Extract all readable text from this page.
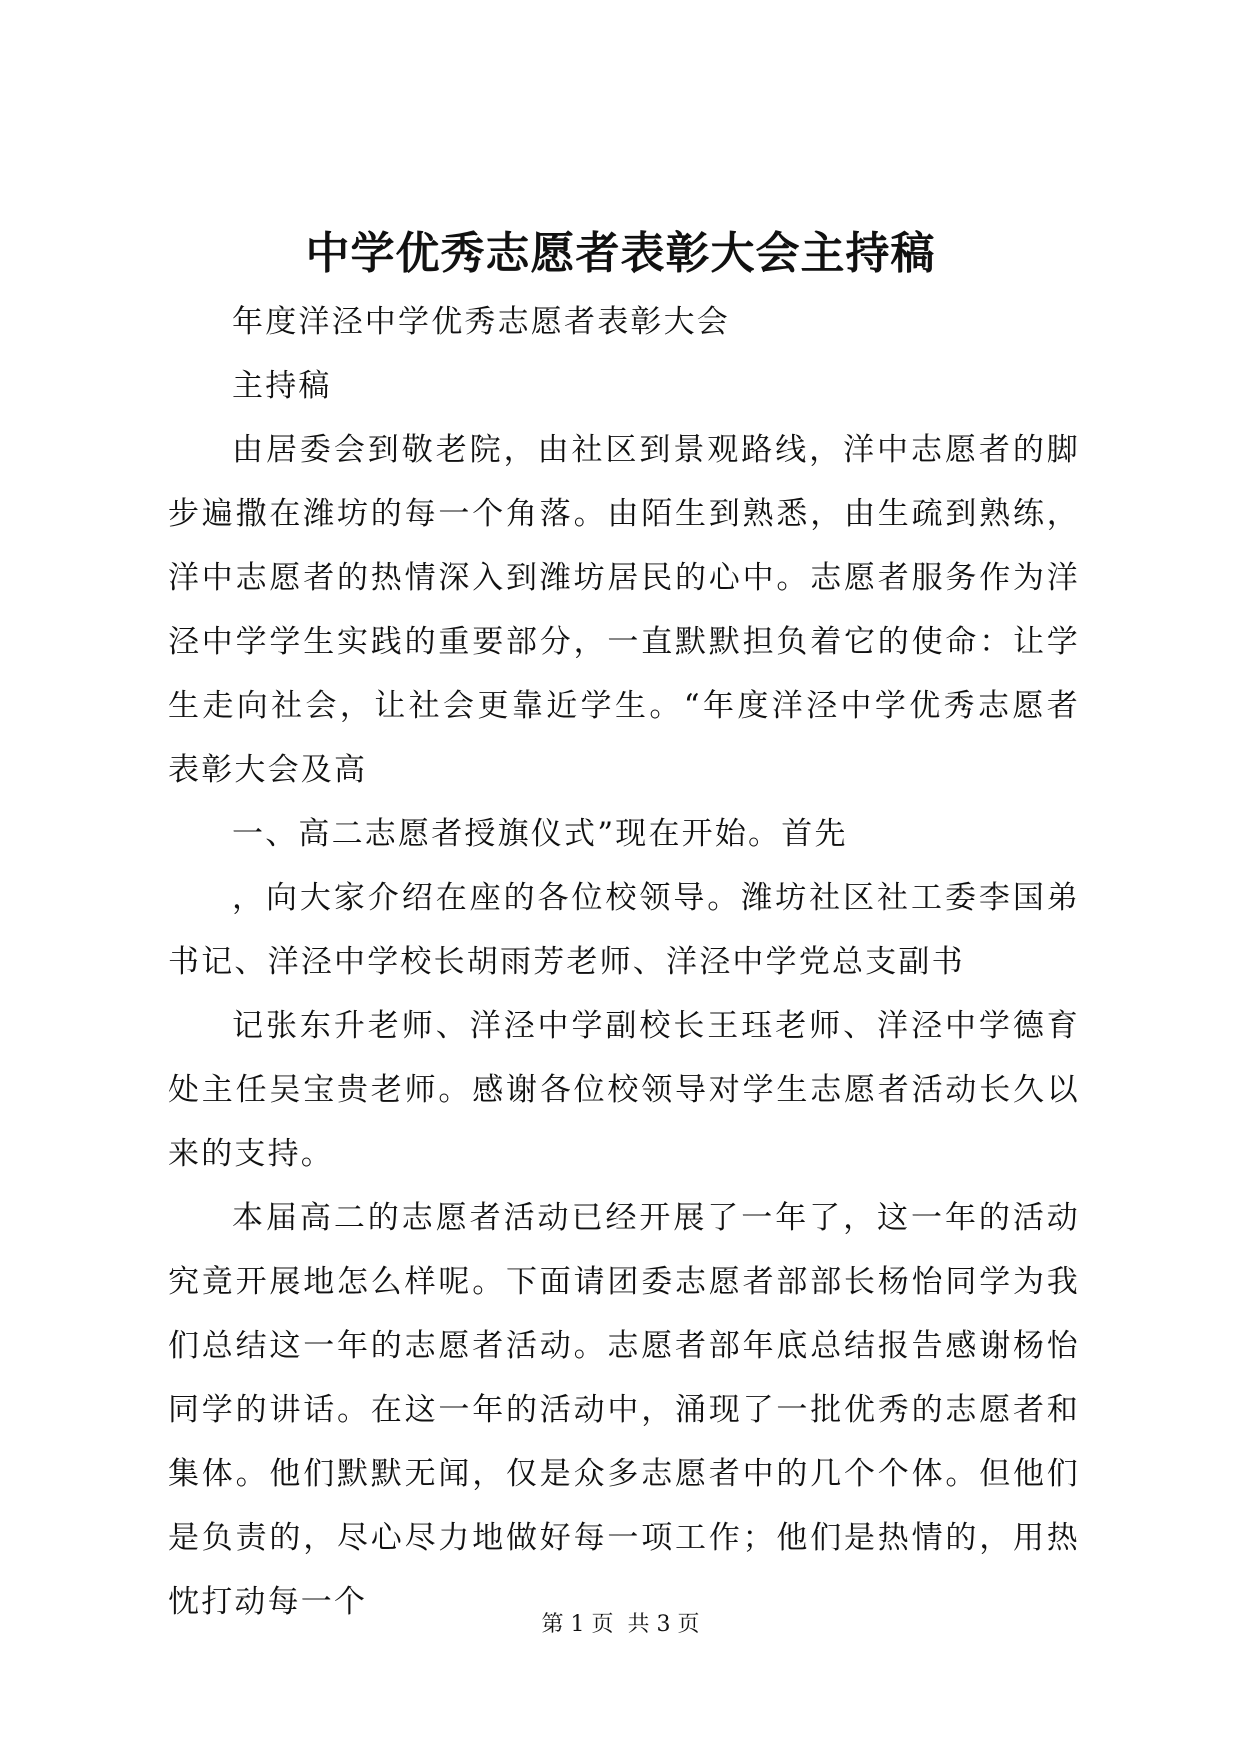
中学优秀志愿者表彰大会主持稿

年度洋泾中学优秀志愿者表彰大会

主持稿

由居委会到敬老院，由社区到景观路线，洋中志愿者的脚步遍撒在潍坊的每一个角落。由陌生到熟悉，由生疏到熟练，洋中志愿者的热情深入到潍坊居民的心中。志愿者服务作为洋泾中学学生实践的重要部分，一直默默担负着它的使命：让学生走向社会，让社会更靠近学生。“年度洋泾中学优秀志愿者表彰大会及高

一、高二志愿者授旗仪式”现在开始。首先

，向大家介绍在座的各位校领导。潍坊社区社工委李国弟书记、洋泾中学校长胡雨芳老师、洋泾中学党总支副书

记张东升老师、洋泾中学副校长王珏老师、洋泾中学德育处主任吴宝贵老师。感谢各位校领导对学生志愿者活动长久以来的支持。

本届高二的志愿者活动已经开展了一年了，这一年的活动究竟开展地怎么样呢。下面请团委志愿者部部长杨怡同学为我们总结这一年的志愿者活动。志愿者部年底总结报告感谢杨怡同学的讲话。在这一年的活动中，涌现了一批优秀的志愿者和集体。他们默默无闻，仅是众多志愿者中的几个个体。但他们是负责的，尽心尽力地做好每一项工作；他们是热情的，用热忱打动每一个

第 1 页  共 3 页
